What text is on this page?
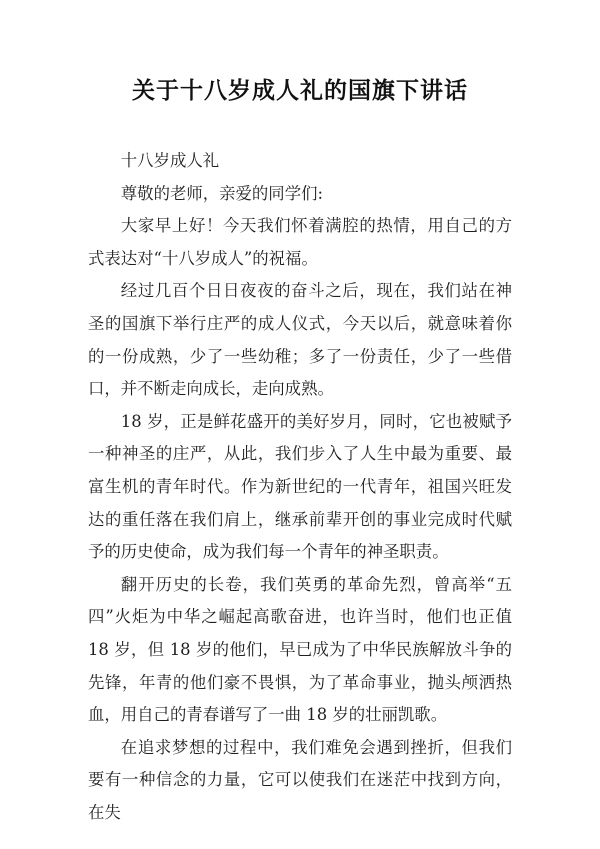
关于十八岁成人礼的国旗下讲话

十八岁成人礼

尊敬的老师，亲爱的同学们:

大家早上好！今天我们怀着满腔的热情，用自己的方式表达对“十八岁成人”的祝福。

经过几百个日日夜夜的奋斗之后，现在，我们站在神圣的国旗下举行庄严的成人仪式，今天以后，就意味着你的一份成熟，少了一些幼稚；多了一份责任，少了一些借口，并不断走向成长，走向成熟。

18 岁，正是鲜花盛开的美好岁月，同时，它也被赋予一种神圣的庄严，从此，我们步入了人生中最为重要、最富生机的青年时代。作为新世纪的一代青年，祖国兴旺发达的重任落在我们肩上，继承前辈开创的事业完成时代赋予的历史使命，成为我们每一个青年的神圣职责。

翻开历史的长卷，我们英勇的革命先烈，曾高举“五四”火炬为中华之崛起高歌奋进，也许当时，他们也正值 18 岁，但 18 岁的他们，早已成为了中华民族解放斗争的先锋，年青的他们豪不畏惧，为了革命事业，抛头颅洒热血，用自己的青春谱写了一曲 18 岁的壮丽凯歌。

在追求梦想的过程中，我们难免会遇到挫折，但我们要有一种信念的力量，它可以使我们在迷茫中找到方向，在失
